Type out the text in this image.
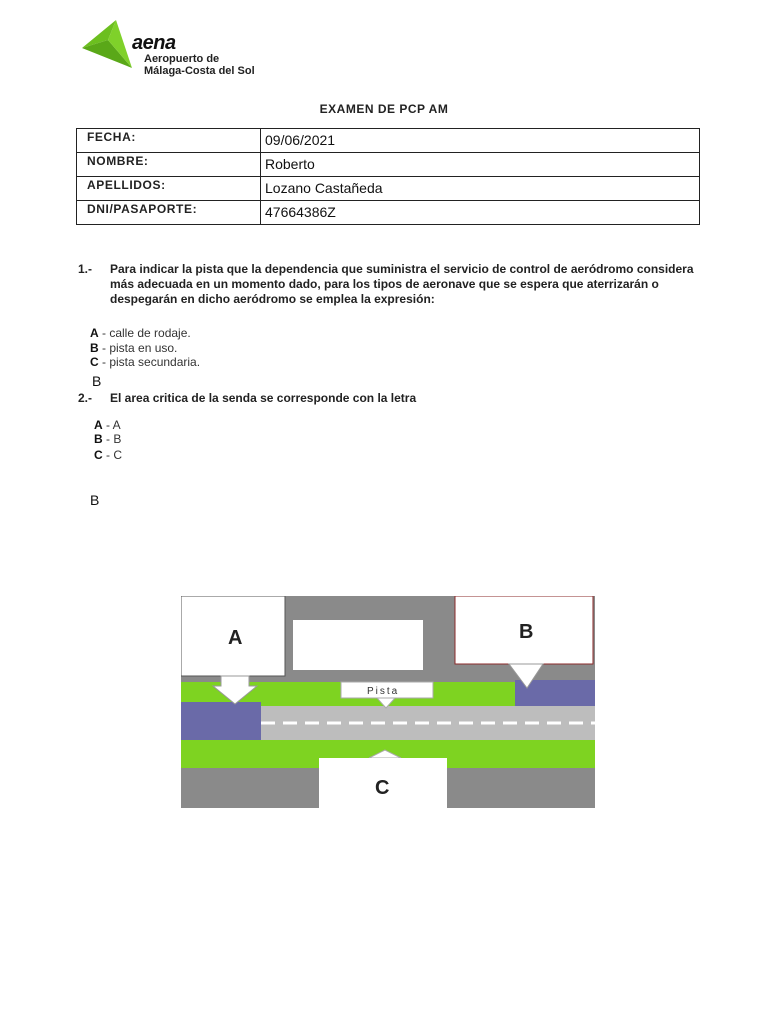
aena
Aeropuerto de
Málaga-Costa del Sol
EXAMEN DE PCP AM
FECHA:	09/06/2021
NOMBRE:	Roberto
APELLIDOS:	Lozano Castañeda
DNI/PASAPORTE:	47664386Z
1.- Para indicar la pista que la dependencia que suministra el servicio de control de aeródromo considera más adecuada en un momento dado, para los tipos de aeronave que se espera que aterrizarán o despegarán en dicho aeródromo se emplea la expresión:
A - calle de rodaje.
B - pista en uso.
C - pista secundaria.
B
2.- El area critica de la senda se corresponde con la letra
A - A
B - B
C - C
B
A	B
Pista
C
